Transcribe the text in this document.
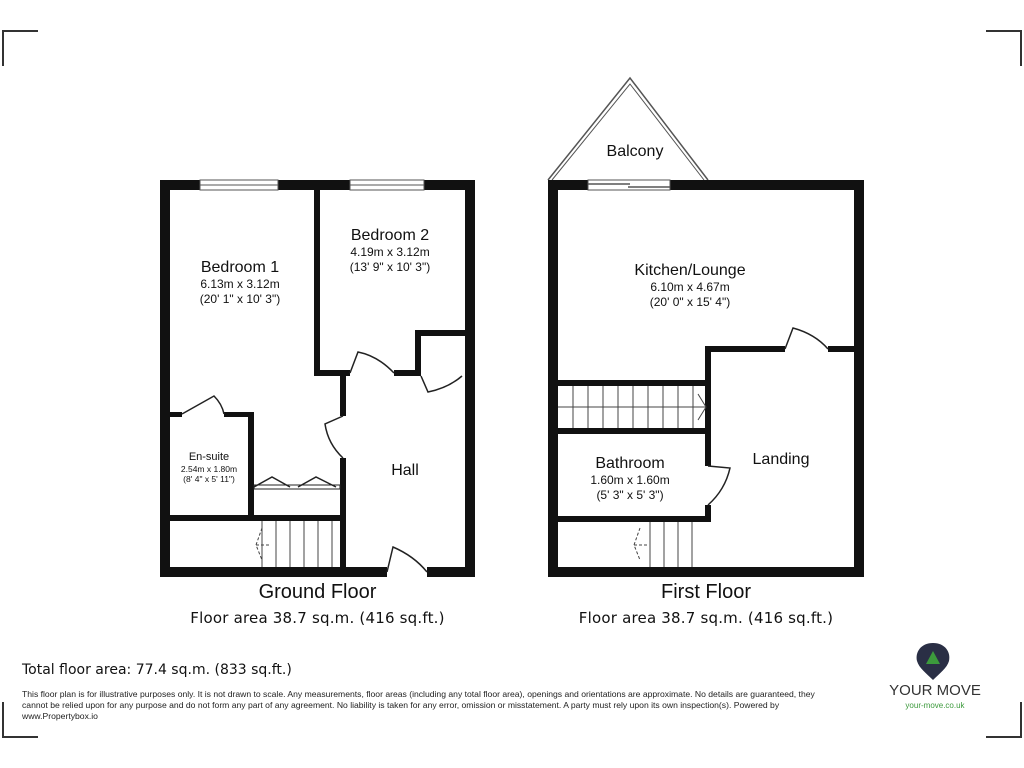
Bedroom 1
6.13m x 3.12m
(20' 1" x 10' 3")
Bedroom 2
4.19m x 3.12m
(13' 9" x 10' 3")
En-suite
2.54m x 1.80m
(8' 4" x 5' 11")
Hall
Balcony
Kitchen/Lounge
6.10m x 4.67m
(20' 0" x 15' 4")
Bathroom
1.60m x 1.60m
(5' 3" x 5' 3")
Landing
Ground Floor
Floor area 38.7 sq.m. (416 sq.ft.)
First Floor
Floor area 38.7 sq.m. (416 sq.ft.)
Total floor area: 77.4 sq.m. (833 sq.ft.)
This floor plan is for illustrative purposes only. It is not drawn to scale. Any measurements, floor areas (including any total floor area), openings and orientations are approximate. No details are guaranteed, they cannot be relied upon for any purpose and do not form any part of any agreement. No liability is taken for any error, omission or misstatement. A party must rely upon its own inspection(s). Powered by www.Propertybox.io
YOUR MOVE
your-move.co.uk
